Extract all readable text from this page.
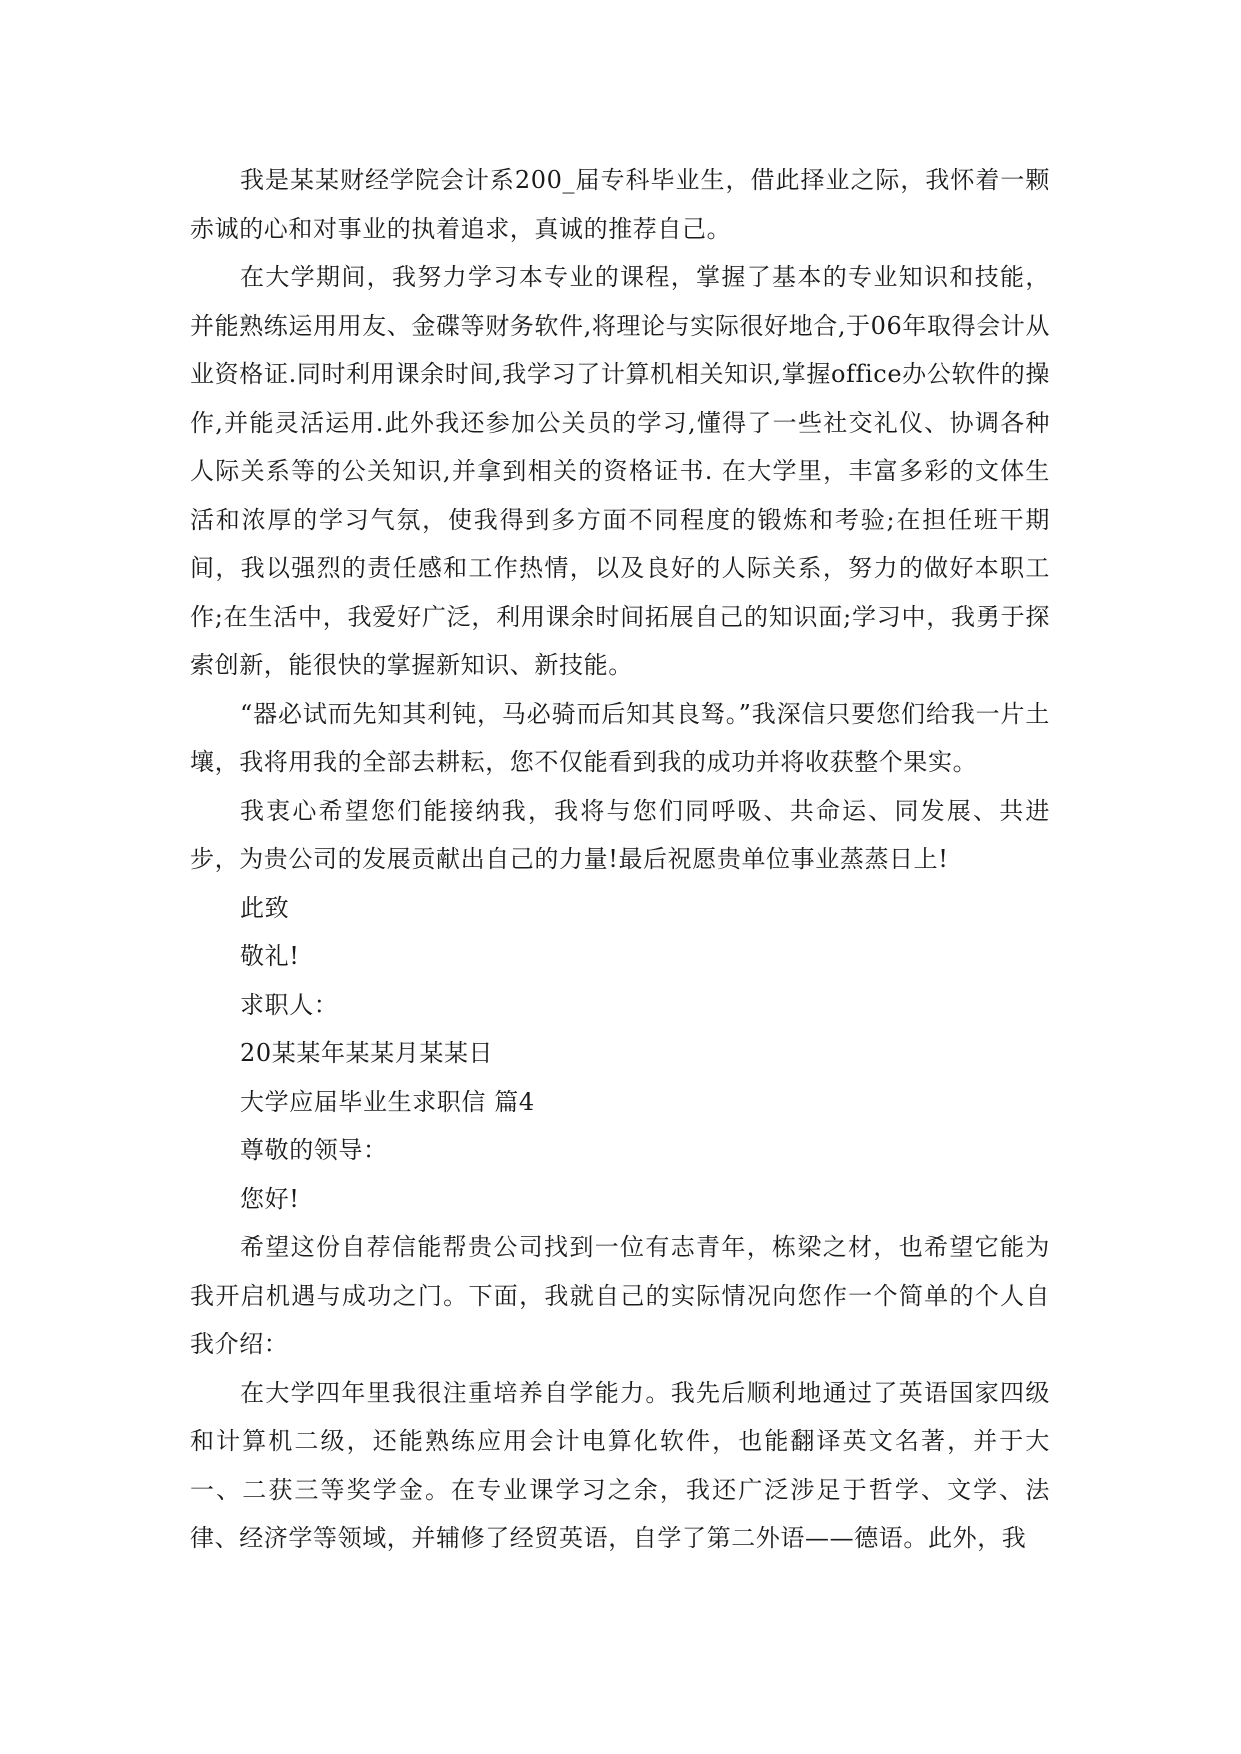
我是某某财经学院会计系200_届专科毕业生，借此择业之际，我怀着一颗赤诚的心和对事业的执着追求，真诚的推荐自己。

在大学期间，我努力学习本专业的课程，掌握了基本的专业知识和技能，并能熟练运用用友、金碟等财务软件,将理论与实际很好地合,于06年取得会计从业资格证.同时利用课余时间,我学习了计算机相关知识,掌握office办公软件的操作,并能灵活运用.此外我还参加公关员的学习,懂得了一些社交礼仪、协调各种人际关系等的公关知识,并拿到相关的资格证书. 在大学里，丰富多彩的文体生活和浓厚的学习气氛，使我得到多方面不同程度的锻炼和考验;在担任班干期间，我以强烈的责任感和工作热情，以及良好的人际关系，努力的做好本职工作;在生活中，我爱好广泛，利用课余时间拓展自己的知识面;学习中，我勇于探索创新，能很快的掌握新知识、新技能。

“器必试而先知其利钝，马必骑而后知其良驽。”我深信只要您们给我一片土壤，我将用我的全部去耕耘，您不仅能看到我的成功并将收获整个果实。

我衷心希望您们能接纳我，我将与您们同呼吸、共命运、同发展、共进步，为贵公司的发展贡献出自己的力量!最后祝愿贵单位事业蒸蒸日上!

此致

敬礼!

求职人：

20某某年某某月某某日

大学应届毕业生求职信 篇4

尊敬的领导：

您好!

希望这份自荐信能帮贵公司找到一位有志青年，栋梁之材，也希望它能为我开启机遇与成功之门。下面，我就自己的实际情况向您作一个简单的个人自我介绍：

在大学四年里我很注重培养自学能力。我先后顺利地通过了英语国家四级和计算机二级，还能熟练应用会计电算化软件，也能翻译英文名著，并于大一、二获三等奖学金。在专业课学习之余，我还广泛涉足于哲学、文学、法律、经济学等领域，并辅修了经贸英语，自学了第二外语——德语。此外，我
